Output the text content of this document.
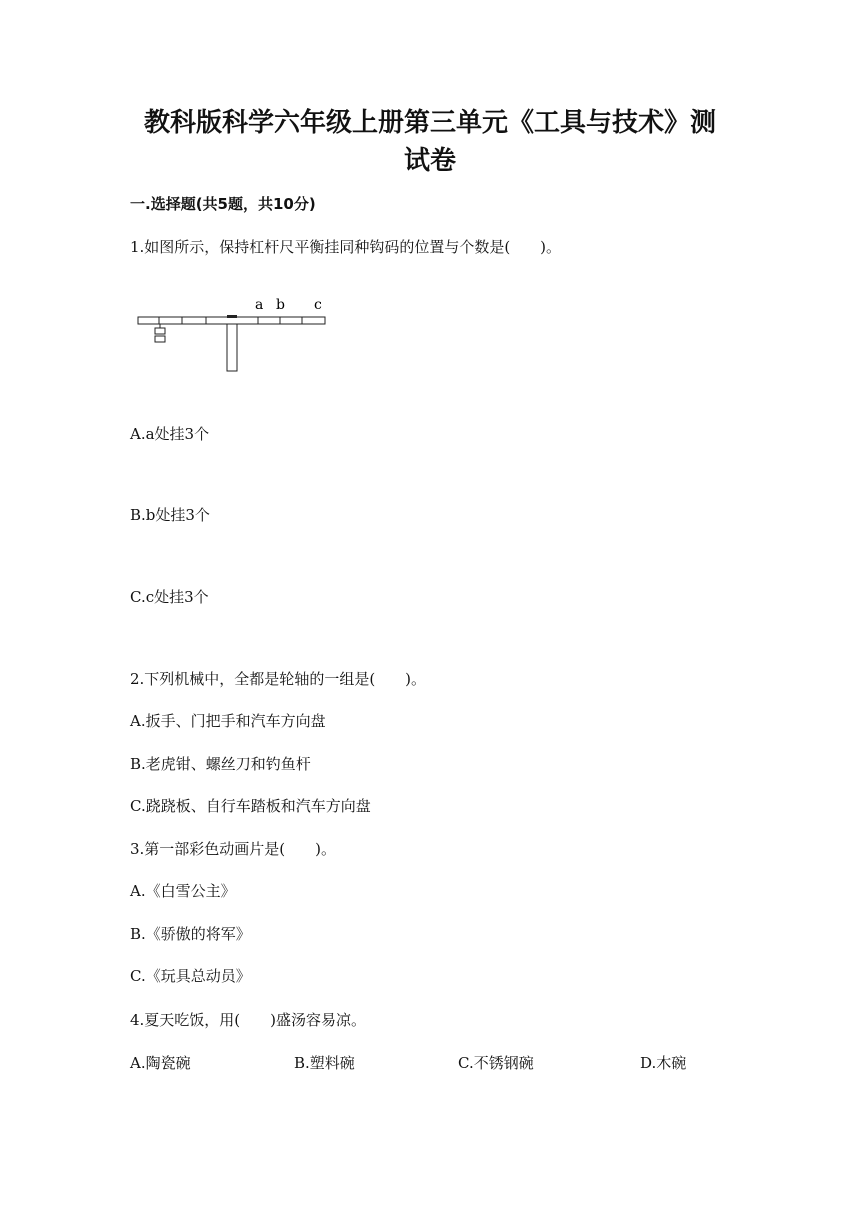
教科版科学六年级上册第三单元《工具与技术》测
试卷
一.选择题(共5题，共10分)
1.如图所示，保持杠杆尺平衡挂同种钩码的位置与个数是(　　)。
a b c
A.a处挂3个
B.b处挂3个
C.c处挂3个
2.下列机械中，全都是轮轴的一组是(　　)。
A.扳手、门把手和汽车方向盘
B.老虎钳、螺丝刀和钓鱼杆
C.跷跷板、自行车踏板和汽车方向盘
3.第一部彩色动画片是(　　)。
A.《白雪公主》
B.《骄傲的将军》
C.《玩具总动员》
4.夏天吃饭，用(　　)盛汤容易凉。
A.陶瓷碗	B.塑料碗	C.不锈钢碗	D.木碗
